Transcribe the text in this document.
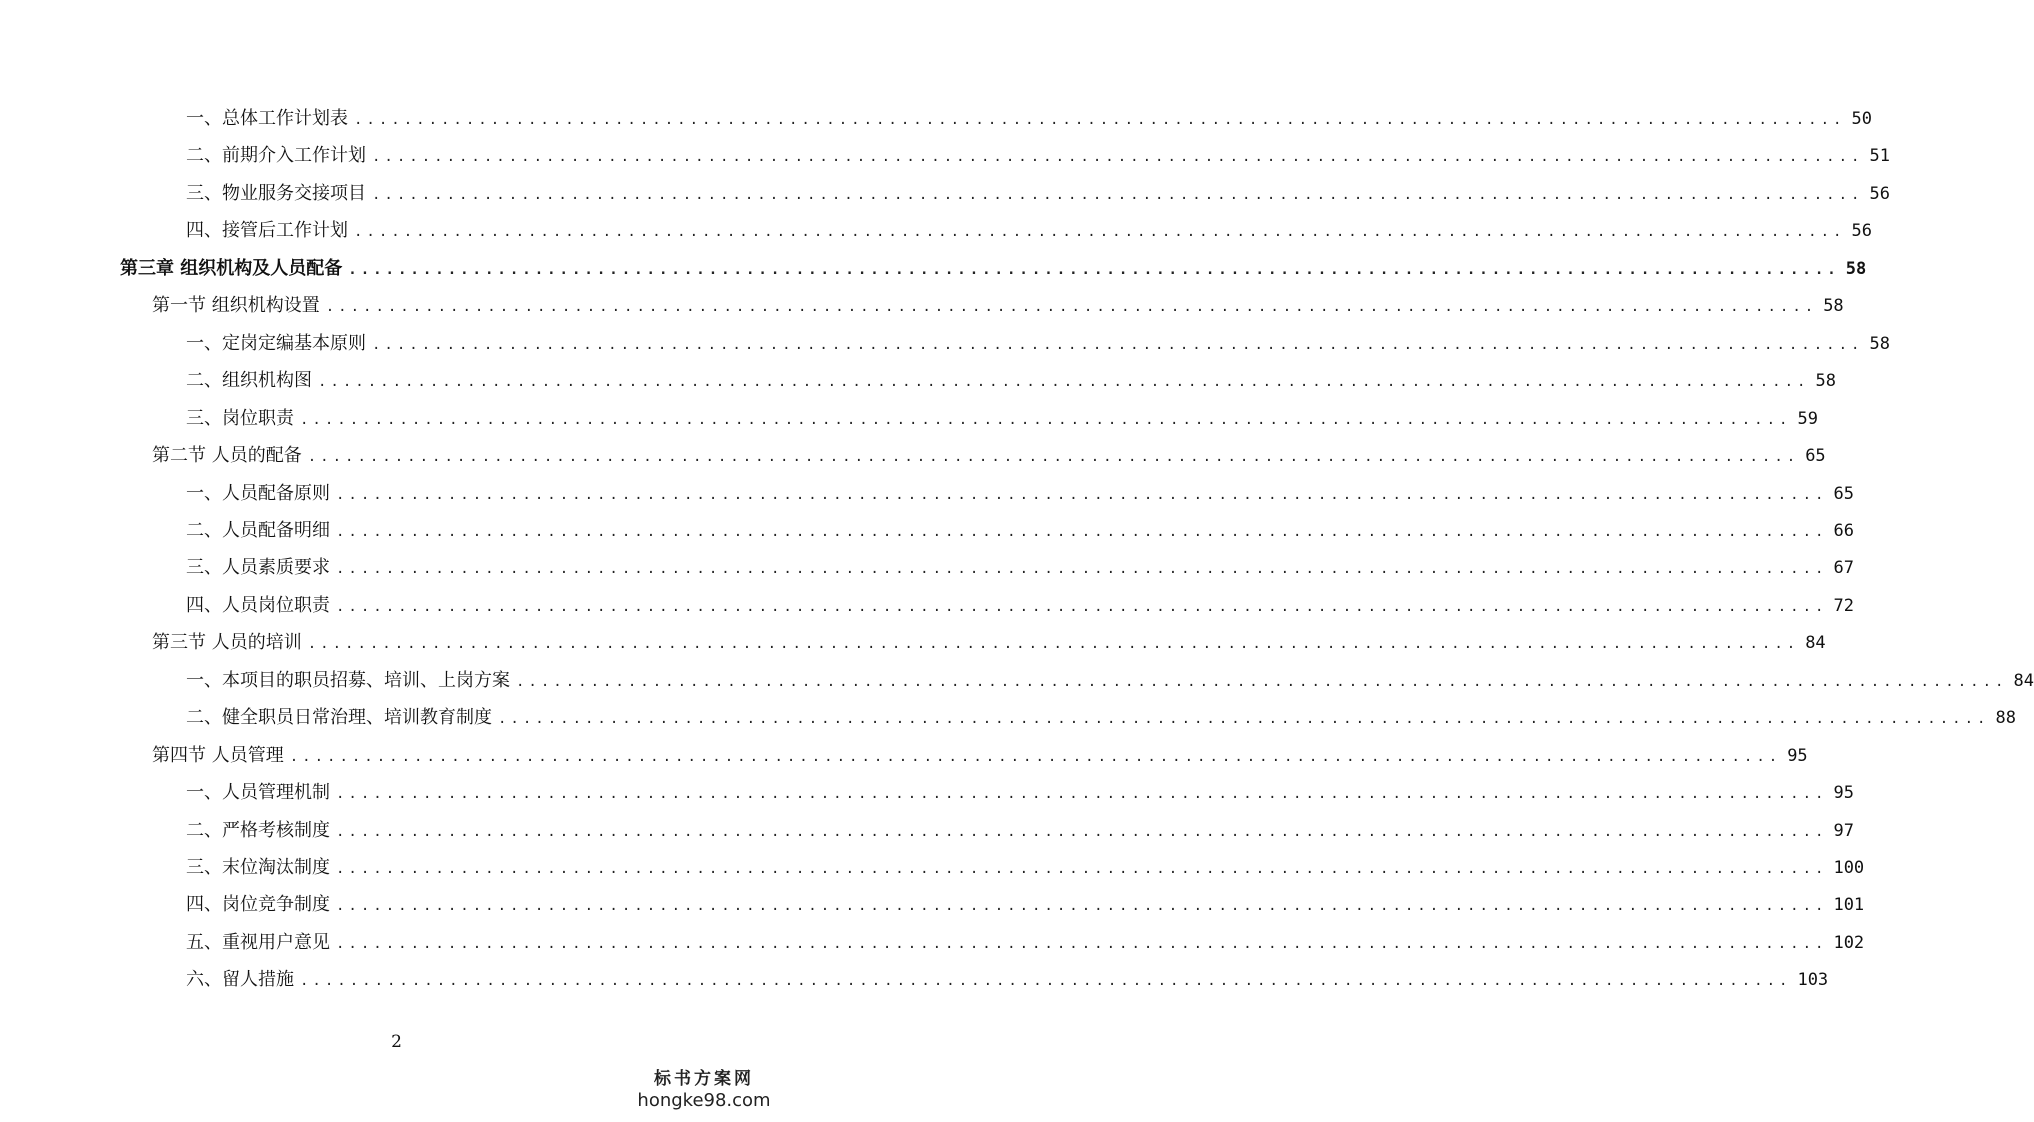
一、总体工作计划表 ........................................................................................................................ 50
二、前期介入工作计划 ........................................................................................................................ 51
三、物业服务交接项目 ........................................................................................................................ 56
四、接管后工作计划 ........................................................................................................................ 56
第三章 组织机构及人员配备 ........................................................................................................................ 58
第一节 组织机构设置 ........................................................................................................................ 58
一、定岗定编基本原则 ........................................................................................................................ 58
二、组织机构图 ........................................................................................................................ 58
三、岗位职责 ........................................................................................................................ 59
第二节 人员的配备 ........................................................................................................................ 65
一、人员配备原则 ........................................................................................................................ 65
二、人员配备明细 ........................................................................................................................ 66
三、人员素质要求 ........................................................................................................................ 67
四、人员岗位职责 ........................................................................................................................ 72
第三节 人员的培训 ........................................................................................................................ 84
一、本项目的职员招募、培训、上岗方案 ........................................................................................................................ 84
二、健全职员日常治理、培训教育制度 ........................................................................................................................ 88
第四节 人员管理 ........................................................................................................................ 95
一、人员管理机制 ........................................................................................................................ 95
二、严格考核制度 ........................................................................................................................ 97
三、末位淘汰制度 ........................................................................................................................ 100
四、岗位竞争制度 ........................................................................................................................ 101
五、重视用户意见 ........................................................................................................................ 102
六、留人措施 ........................................................................................................................ 103
2
标书方案网
hongke98.com
